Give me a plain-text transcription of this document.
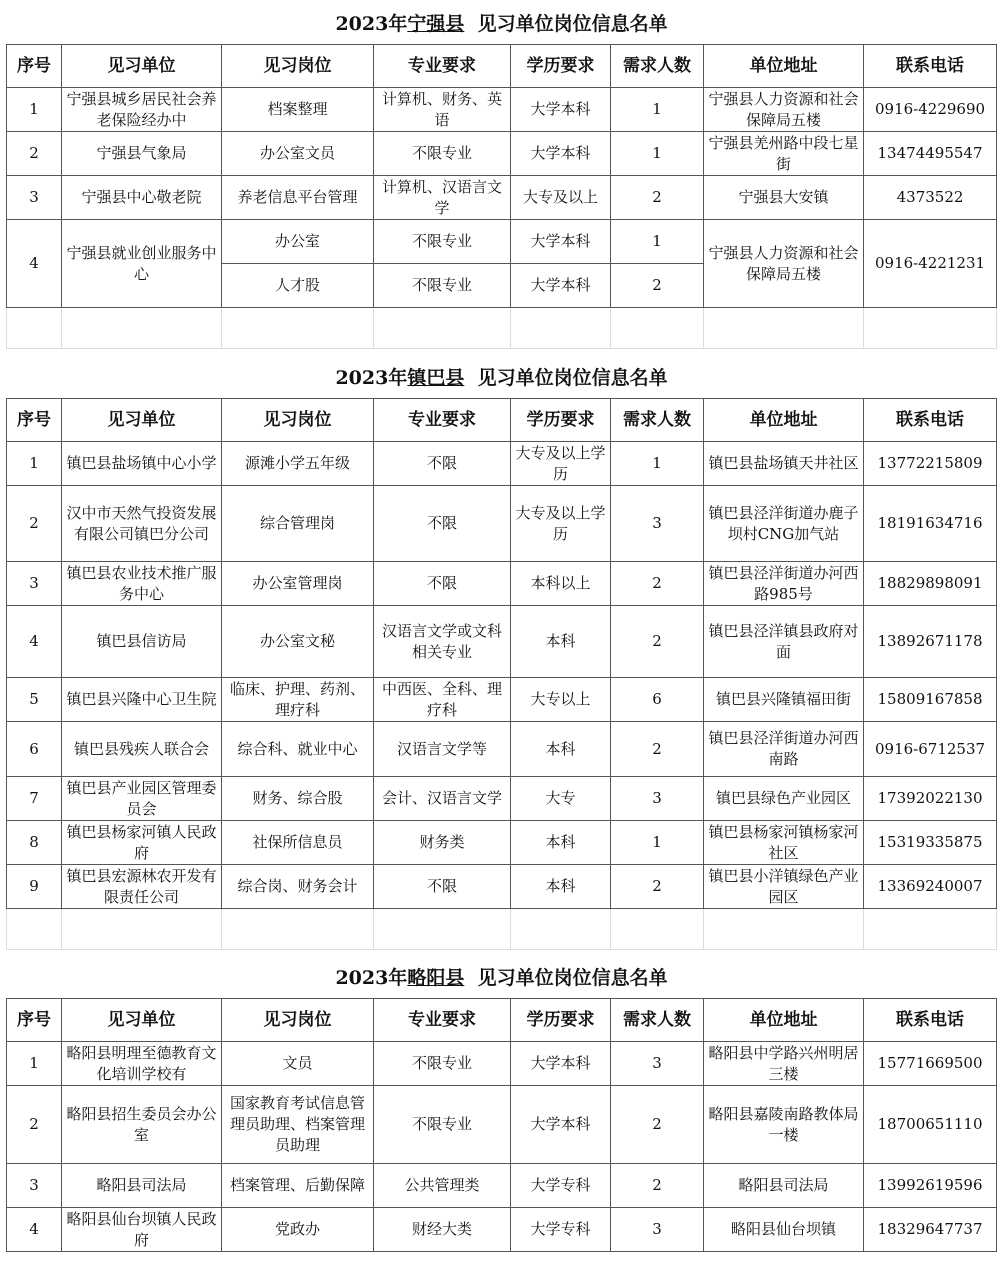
2023年宁强县 见习单位岗位信息名单							
序号	见习单位	见习岗位	专业要求	学历要求	需求人数	单位地址	联系电话
1	宁强县城乡居民社会养老保险经办中	档案整理	计算机、财务、英语	大学本科	1	宁强县人力资源和社会保障局五楼	0916-4229690
2	宁强县气象局	办公室文员	不限专业	大学本科	1	宁强县羌州路中段七星街	13474495547
3	宁强县中心敬老院	养老信息平台管理	计算机、汉语言文学	大专及以上	2	宁强县大安镇	4373522
4	宁强县就业创业服务中心	办公室	不限专业	大学本科	1	宁强县人力资源和社会保障局五楼	0916-4221231
		人才股	不限专业	大学本科	2		

2023年镇巴县 见习单位岗位信息名单							
序号	见习单位	见习岗位	专业要求	学历要求	需求人数	单位地址	联系电话
1	镇巴县盐场镇中心小学	源滩小学五年级	不限	大专及以上学历	1	镇巴县盐场镇天井社区	13772215809
2	汉中市天然气投资发展有限公司镇巴分公司	综合管理岗	不限	大专及以上学历	3	镇巴县泾洋街道办鹿子坝村CNG加气站	18191634716
3	镇巴县农业技术推广服务中心	办公室管理岗	不限	本科以上	2	镇巴县泾洋街道办河西路985号	18829898091
4	镇巴县信访局	办公室文秘	汉语言文学或文科相关专业	本科	2	镇巴县泾洋镇县政府对面	13892671178
5	镇巴县兴隆中心卫生院	临床、护理、药剂、理疗科	中西医、全科、理疗科	大专以上	6	镇巴县兴隆镇福田街	15809167858
6	镇巴县残疾人联合会	综合科、就业中心	汉语言文学等	本科	2	镇巴县泾洋街道办河西南路	0916-6712537
7	镇巴县产业园区管理委员会	财务、综合股	会计、汉语言文学	大专	3	镇巴县绿色产业园区	17392022130
8	镇巴县杨家河镇人民政府	社保所信息员	财务类	本科	1	镇巴县杨家河镇杨家河社区	15319335875
9	镇巴县宏源林农开发有限责任公司	综合岗、财务会计	不限	本科	2	镇巴县小洋镇绿色产业园区	13369240007

2023年略阳县 见习单位岗位信息名单							
序号	见习单位	见习岗位	专业要求	学历要求	需求人数	单位地址	联系电话
1	略阳县明理至德教育文化培训学校有	文员	不限专业	大学本科	3	略阳县中学路兴州明居三楼	15771669500
2	略阳县招生委员会办公室	国家教育考试信息管理员助理、档案管理员助理	不限专业	大学本科	2	略阳县嘉陵南路教体局一楼	18700651110
3	略阳县司法局	档案管理、后勤保障	公共管理类	大学专科	2	略阳县司法局	13992619596
4	略阳县仙台坝镇人民政府	党政办	财经大类	大学专科	3	略阳县仙台坝镇	18329647737
